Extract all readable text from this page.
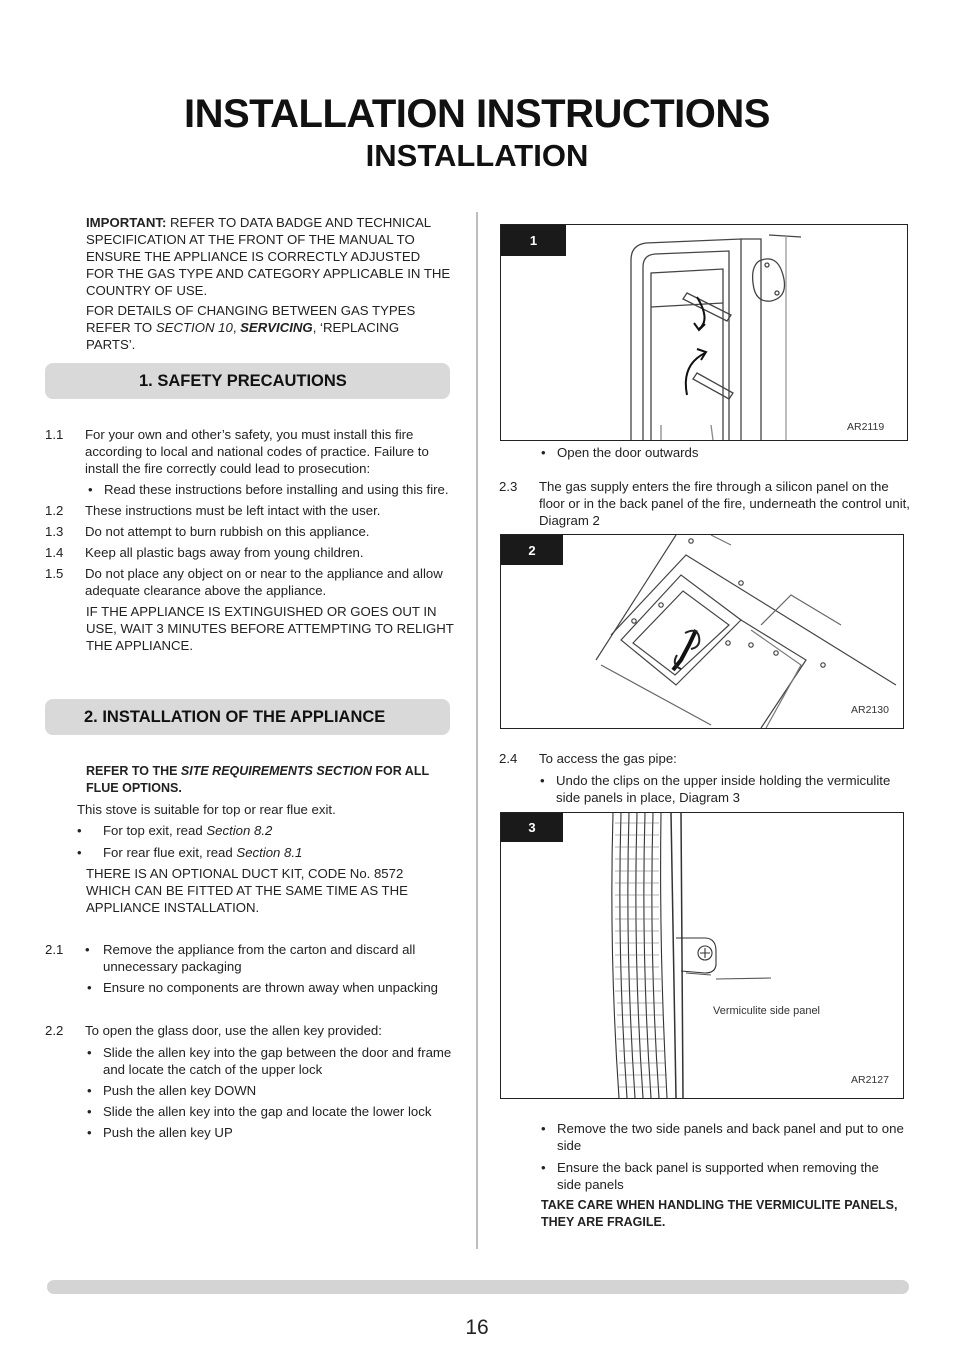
INSTALLATION INSTRUCTIONS
INSTALLATION
IMPORTANT: REFER TO DATA BADGE AND TECHNICAL SPECIFICATION AT THE FRONT OF THE MANUAL TO ENSURE THE APPLIANCE IS CORRECTLY ADJUSTED FOR THE GAS TYPE AND CATEGORY APPLICABLE IN THE COUNTRY OF USE.
FOR DETAILS OF CHANGING BETWEEN GAS TYPES REFER TO SECTION 10, SERVICING, ‘REPLACING PARTS’.
1. SAFETY PRECAUTIONS
1.1	For your own and other’s safety, you must install this fire according to local and national codes of practice. Failure to install the fire correctly could lead to prosecution:
• Read these instructions before installing and using this fire.
1.2	These instructions must be left intact with the user.
1.3	Do not attempt to burn rubbish on this appliance.
1.4	Keep all plastic bags away from young children.
1.5	Do not place any object on or near to the appliance and allow adequate clearance above the appliance.
IF THE APPLIANCE IS EXTINGUISHED OR GOES OUT IN USE, WAIT 3 MINUTES BEFORE ATTEMPTING TO RELIGHT THE APPLIANCE.
2. INSTALLATION OF THE APPLIANCE
REFER TO THE SITE REQUIREMENTS SECTION FOR ALL FLUE OPTIONS.
This stove is suitable for top or rear flue exit.
•	For top exit, read Section 8.2
•	For rear flue exit, read Section 8.1
THERE IS AN OPTIONAL DUCT KIT, CODE No. 8572 WHICH CAN BE FITTED AT THE SAME TIME AS THE APPLIANCE INSTALLATION.
2.1	•	Remove the appliance from the carton and discard all unnecessary packaging
• Ensure no components are thrown away when unpacking
2.2	To open the glass door, use the allen key provided:
• Slide the allen key into the gap between the door and frame and locate the catch of the upper lock
• Push the allen key DOWN
• Slide the allen key into the gap and locate the lower lock
• Push the allen key UP
1
AR2119
• Open the door outwards
2.3	The gas supply enters the fire through a silicon panel on the floor or in the back panel of the fire, underneath the control unit, Diagram 2
2
AR2130
2.4	To access the gas pipe:
• Undo the clips on the upper inside holding the vermiculite side panels in place, Diagram 3
3
Vermiculite side panel
AR2127
• Remove the two side panels and back panel and put to one side
• Ensure the back panel is supported when removing the side panels
TAKE CARE WHEN HANDLING THE VERMICULITE PANELS, THEY ARE FRAGILE.
16
